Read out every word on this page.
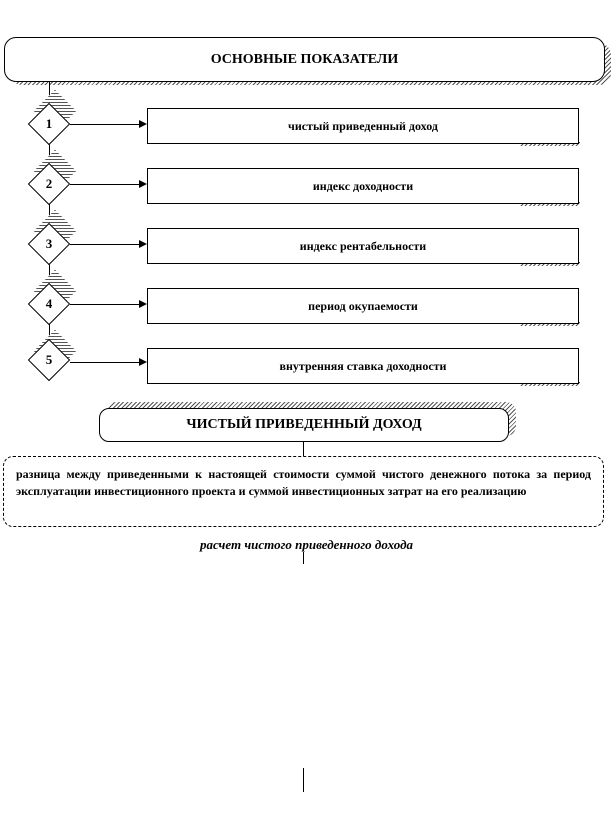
ОСНОВНЫЕ ПОКАЗАТЕЛИ
1	чистый приведенный доход
2	индекс доходности
3	индекс рентабельности
4	период окупаемости
5	внутренняя ставка доходности
ЧИСТЫЙ ПРИВЕДЕННЫЙ ДОХОД
разница между приведенными к настоящей стоимости суммой чистого денежного потока за период эксплуатации инвестиционного проекта и суммой инвестиционных затрат на его реализацию
расчет чистого приведенного дохода
